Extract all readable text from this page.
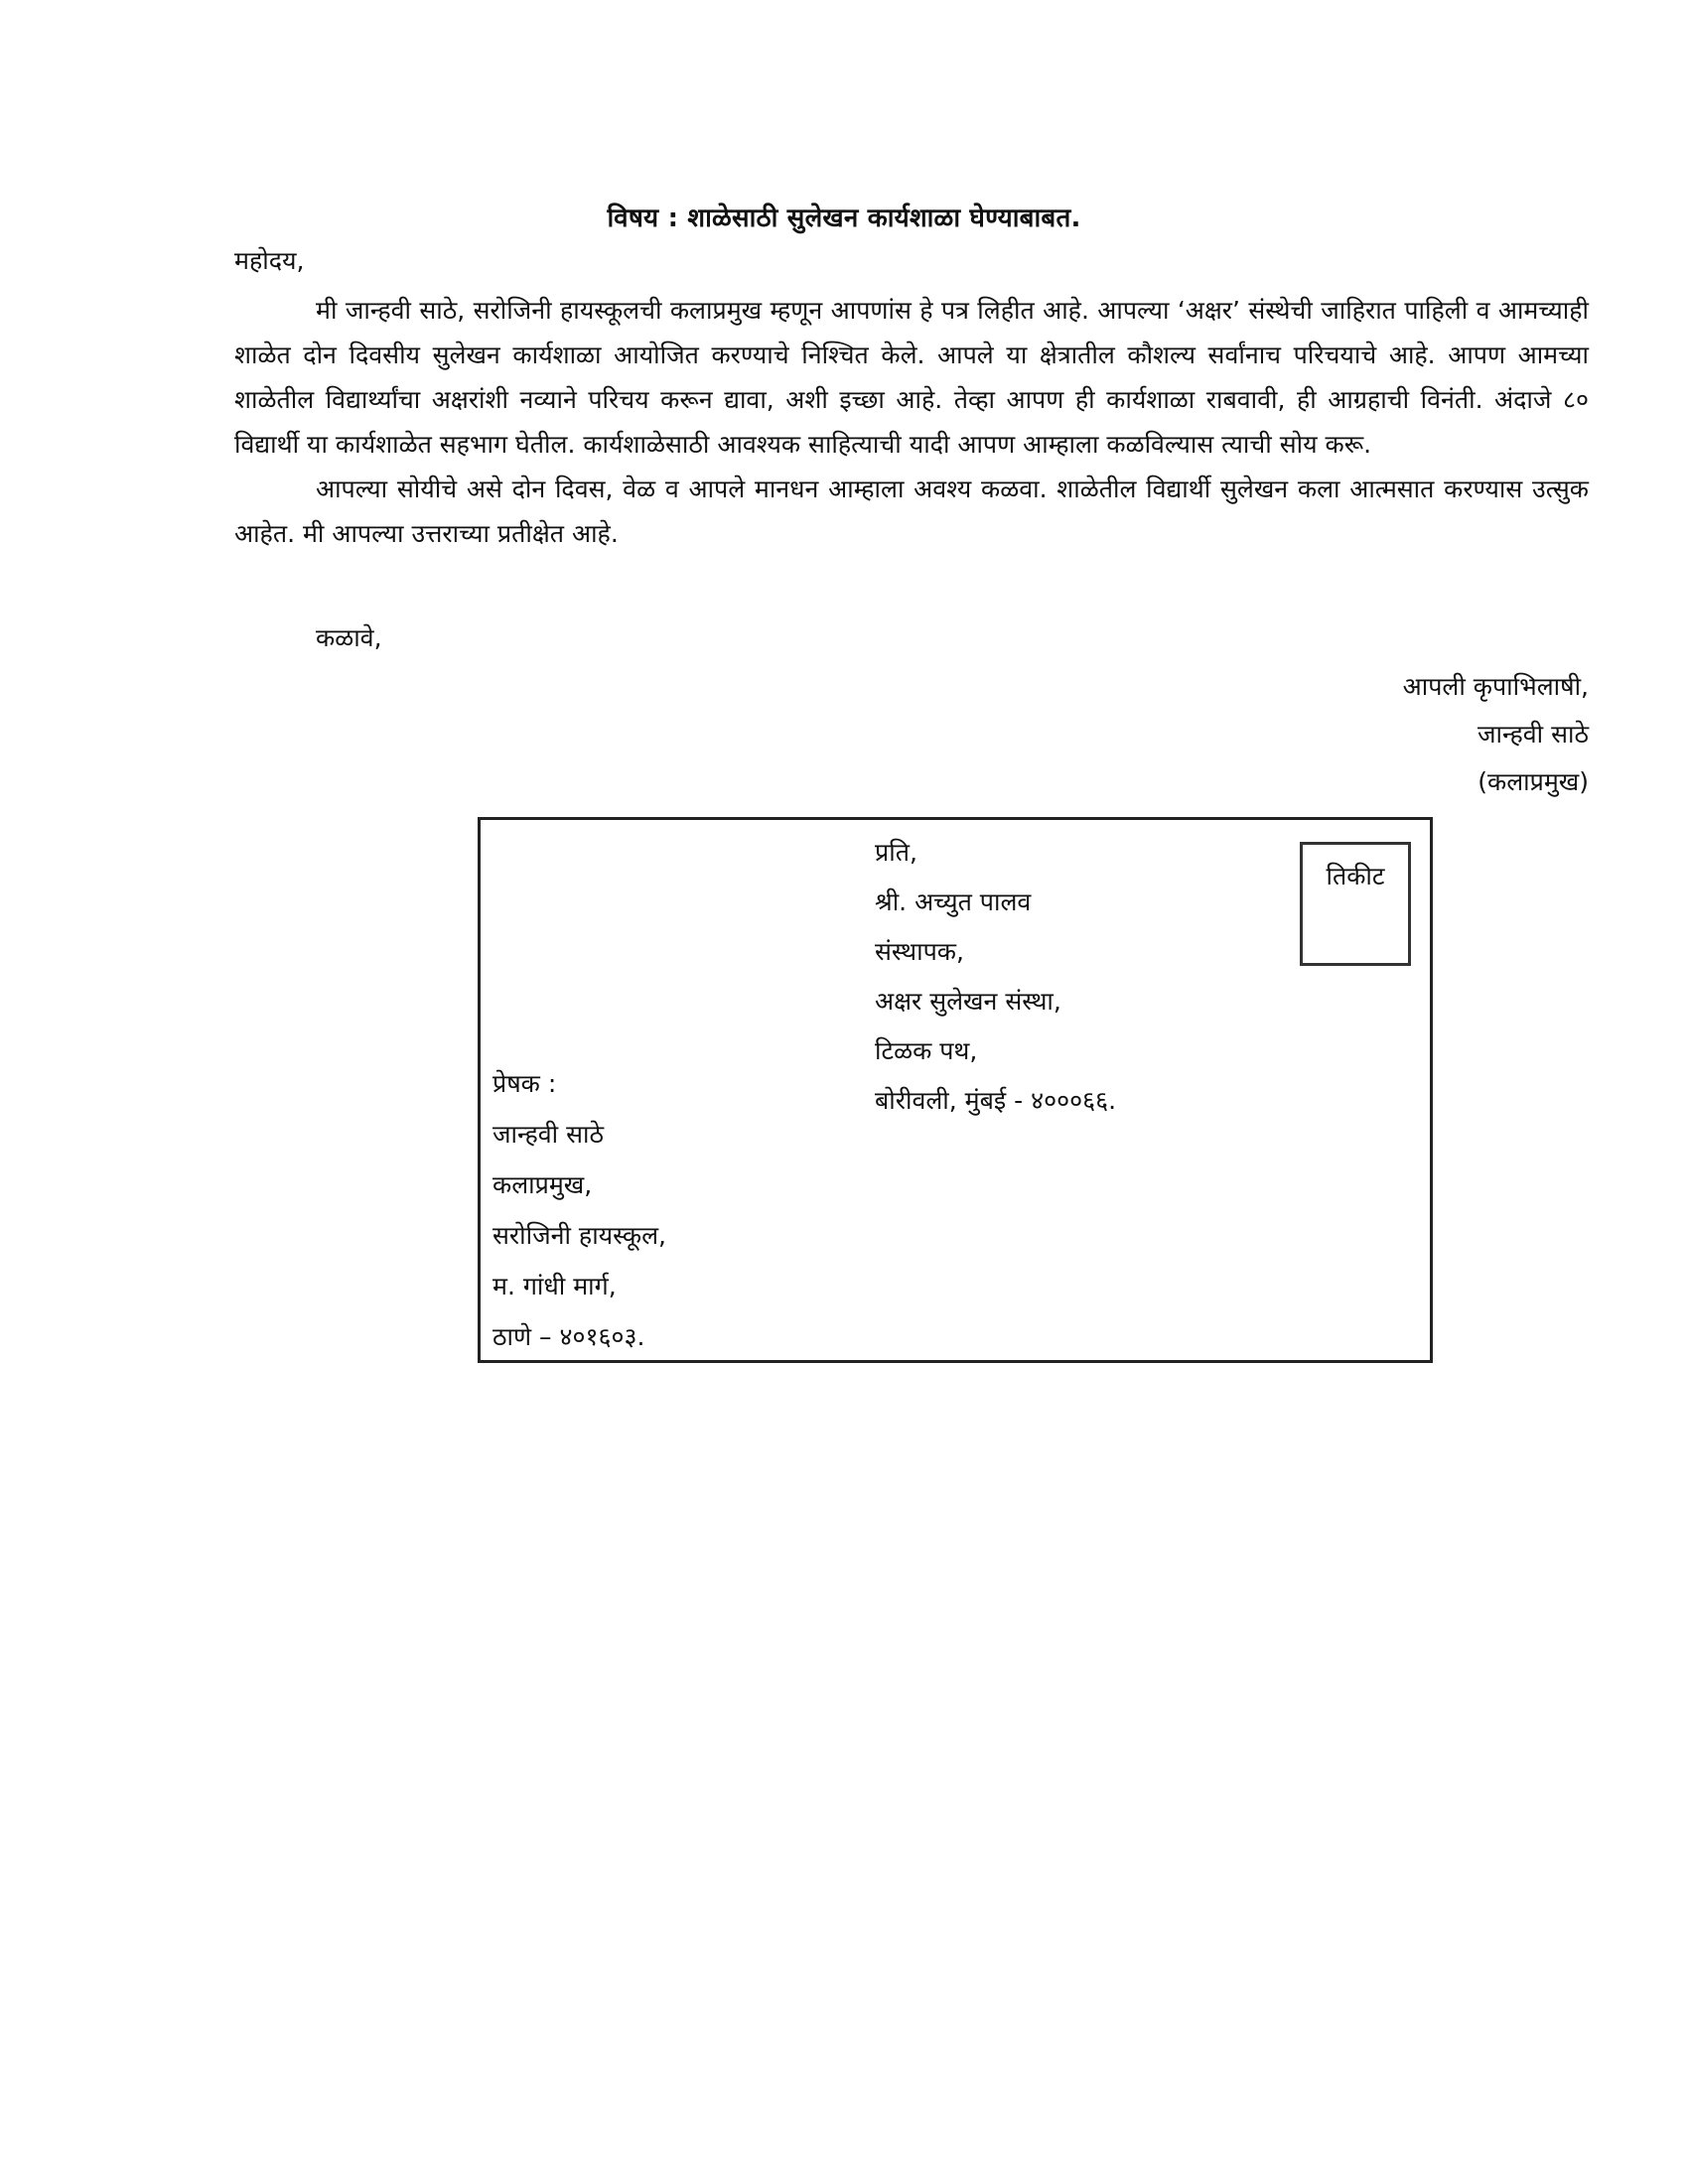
विषय : शाळेसाठी सुलेखन कार्यशाळा घेण्याबाबत.
महोदय,

मी जान्हवी साठे, सरोजिनी हायस्कूलची कलाप्रमुख म्हणून आपणांस हे पत्र लिहीत आहे. आपल्या ‘अक्षर’ संस्थेची जाहिरात पाहिली व आमच्याही शाळेत दोन दिवसीय सुलेखन कार्यशाळा आयोजित करण्याचे निश्चित केले. आपले या क्षेत्रातील कौशल्य सर्वांनाच परिचयाचे आहे. आपण आमच्या शाळेतील विद्यार्थ्यांचा अक्षरांशी नव्याने परिचय करून द्यावा, अशी इच्छा आहे. तेव्हा आपण ही कार्यशाळा राबवावी, ही आग्रहाची विनंती. अंदाजे ८० विद्यार्थी या कार्यशाळेत सहभाग घेतील. कार्यशाळेसाठी आवश्यक साहित्याची यादी आपण आम्हाला कळविल्यास त्याची सोय करू.

आपल्या सोयीचे असे दोन दिवस, वेळ व आपले मानधन आम्हाला अवश्य कळवा. शाळेतील विद्यार्थी सुलेखन कला आत्मसात करण्यास उत्सुक आहेत. मी आपल्या उत्तराच्या प्रतीक्षेत आहे.

कळावे,
आपली कृपाभिलाषी,
जान्हवी साठे
(कलाप्रमुख)
प्रति,
श्री. अच्युत पालव
संस्थापक,
अक्षर सुलेखन संस्था,
टिळक पथ,
बोरीवली, मुंबई - ४०००६६.
तिकीट
प्रेषक :
जान्हवी साठे
कलाप्रमुख,
सरोजिनी हायस्कूल,
म. गांधी मार्ग,
ठाणे – ४०१६०३.
